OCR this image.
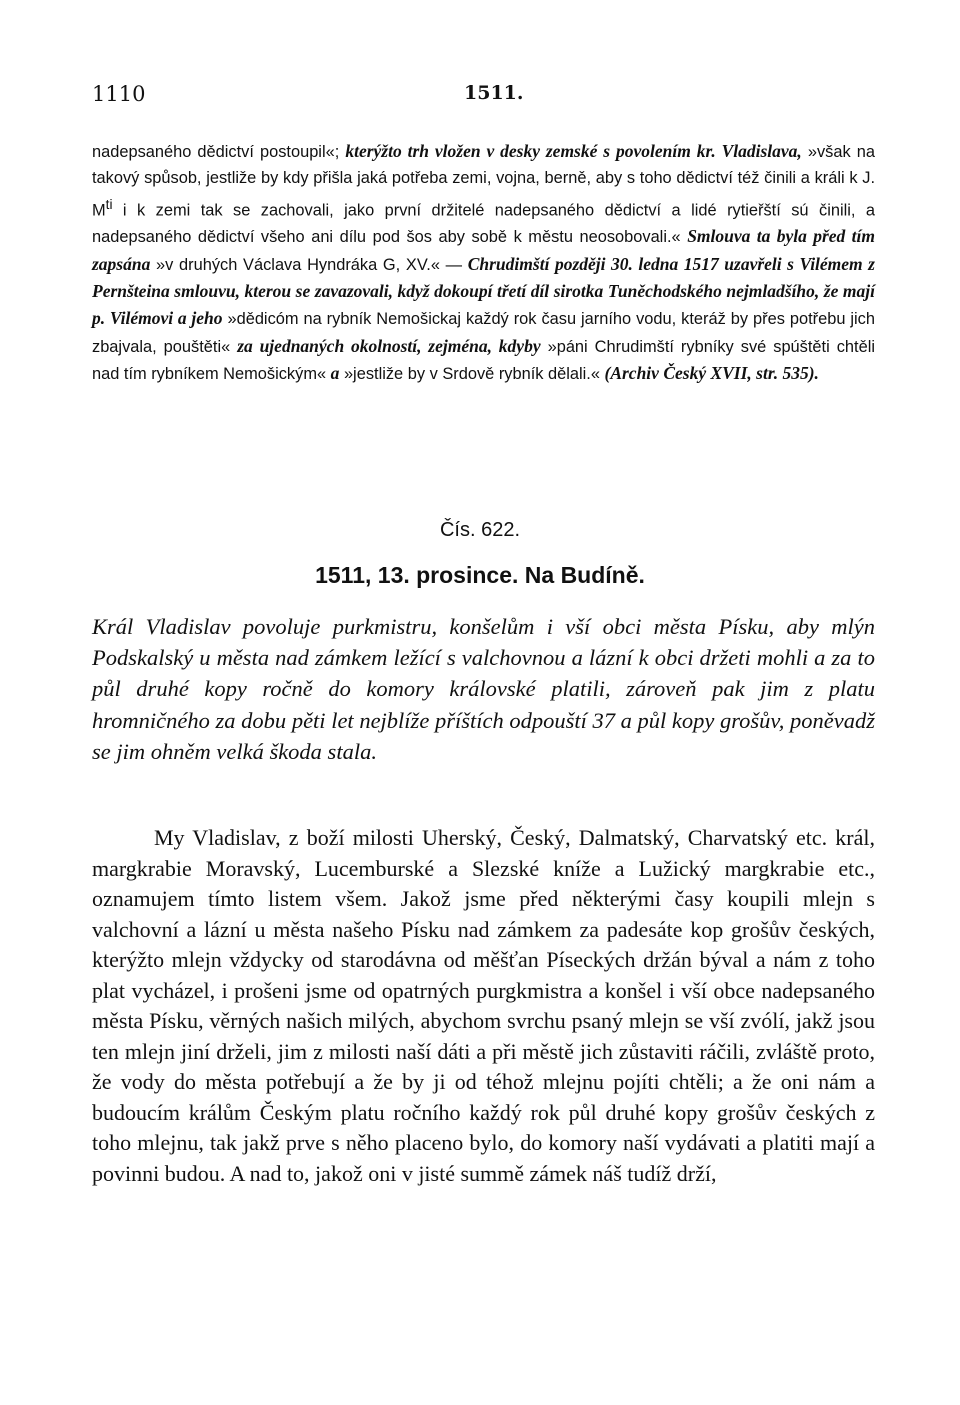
1110	1511.
nadepsaného dědictví postoupil«; kterýžto trh vložen v desky zemské s povolením kr. Vladislava, »však na takový spůsob, jestliže by kdy přišla jaká potřeba zemi, vojna, berně, aby s toho dědictví též činili a králi k J. $M^{ti}$ i k zemi tak se zachovali, jako první držitelé nadepsaného dědictví a lidé rytieřští sú činili, a nadepsaného dědictví všeho ani dílu pod šos aby sobě k městu neosobovali.« Smlouva ta byla před tím zapsána »v druhých Václava Hyndráka G, XV.« — Chrudimští později 30. ledna 1517 uzavřeli s Vilémem z Pernšteina smlouvu, kterou se zavazovali, když dokoupí třetí díl sirotka Tuněchodského nejmladšího, že mají p. Vilémovi a jeho »dědicóm na rybník Nemošickaj každý rok času jarního vodu, kteráž by přes potřebu jich zbajvala, pouštěti« za ujednaných okolností, zejména, kdyby »páni Chrudimští rybníky své spúštěti chtěli nad tím rybníkem Nemošickým« a »jestliže by v Srdově rybník dělali.« (Archiv Český XVII, str. 535).
Čís. 622.
1511, 13. prosince. Na Budíně.
Král Vladislav povoluje purkmistru, konšelům i vší obci města Písku, aby mlýn Podskalský u města nad zámkem ležící s valchovnou a lázní k obci držeti mohli a za to půl druhé kopy ročně do komory královské platili, zároveň pak jim z platu hromničného za dobu pěti let nejblíže příštích odpouští 37 a půl kopy grošův, poněvadž se jim ohněm velká škoda stala.
My Vladislav, z boží milosti Uherský, Český, Dalmatský, Charvatský etc. král, margkrabie Moravský, Lucemburské a Slezské kníže a Lužický margkrabie etc., oznamujem tímto listem všem. Jakož jsme před některými časy koupili mlejn s valchovní a lázní u města našeho Písku nad zámkem za padesáte kop grošův českých, kterýžto mlejn vždycky od starodávna od měšťan Píseckých držán býval a nám z toho plat vycházel, i prošeni jsme od opatrných purgkmistra a konšel i vší obce nadepsaného města Písku, věrných našich milých, abychom svrchu psaný mlejn se vší zvólí, jakž jsou ten mlejn jiní drželi, jim z milosti naší dáti a při městě jich zůstaviti ráčili, zvláště proto, že vody do města potřebují a že by ji od téhož mlejnu pojíti chtěli; a že oni nám a budoucím králům Českým platu ročního každý rok půl druhé kopy grošův českých z toho mlejnu, tak jakž prve s něho placeno bylo, do komory naší vydávati a platiti mají a povinni budou. A nad to, jakož oni v jisté summě zámek náš tudíž drží,
